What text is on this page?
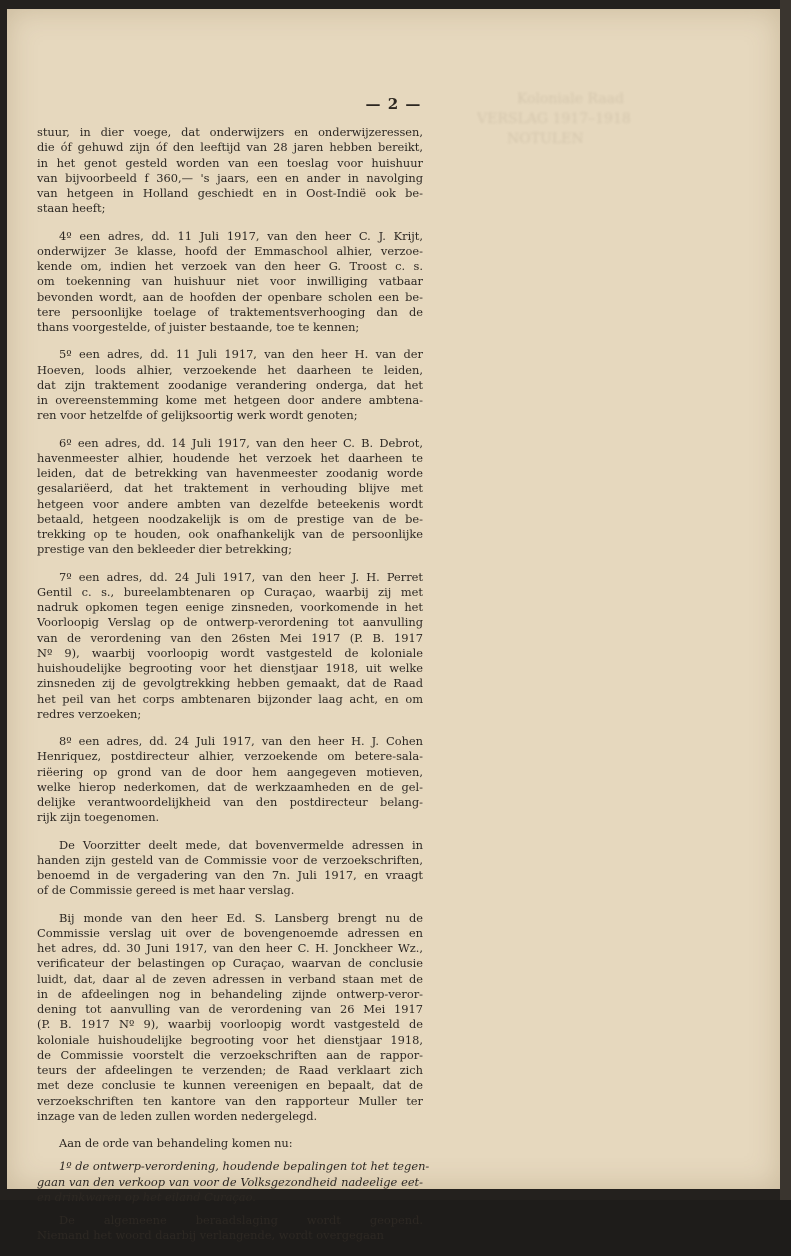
Koloniale Raad
VERSLAG 1917–1918
NOTULEN
— 2 —
stuur, in dier voege, dat onderwijzers en onderwijzeressen,
die óf gehuwd zijn óf den leeftijd van 28 jaren hebben bereikt,
in het genot gesteld worden van een toeslag voor huishuur
van bijvoorbeeld f 360,— 's jaars, een en ander in navolging
van hetgeen in Holland geschiedt en in Oost-Indië ook be-
staan heeft;
4º een adres, dd. 11 Juli 1917, van den heer C. J. Krijt,
onderwijzer 3e klasse, hoofd der Emmaschool alhier, verzoe-
kende om, indien het verzoek van den heer G. Troost c. s.
om toekenning van huishuur niet voor inwilliging vatbaar
bevonden wordt, aan de hoofden der openbare scholen een be-
tere persoonlijke toelage of traktementsverhooging dan de
thans voorgestelde, of juister bestaande, toe te kennen;
5º een adres, dd. 11 Juli 1917, van den heer H. van der
Hoeven, loods alhier, verzoekende het daarheen te leiden,
dat zijn traktement zoodanige verandering onderga, dat het
in overeenstemming kome met hetgeen door andere ambtena-
ren voor hetzelfde of gelijksoortig werk wordt genoten;
6º een adres, dd. 14 Juli 1917, van den heer C. B. Debrot,
havenmeester alhier, houdende het verzoek het daarheen te
leiden, dat de betrekking van havenmeester zoodanig worde
gesalariëerd, dat het traktement in verhouding blijve met
hetgeen voor andere ambten van dezelfde beteekenis wordt
betaald, hetgeen noodzakelijk is om de prestige van de be-
trekking op te houden, ook onafhankelijk van de persoonlijke
prestige van den bekleeder dier betrekking;
7º een adres, dd. 24 Juli 1917, van den heer J. H. Perret
Gentil c. s., bureelambtenaren op Curaçao, waarbij zij met
nadruk opkomen tegen eenige zinsneden, voorkomende in het
Voorloopig Verslag op de ontwerp-verordening tot aanvulling
van de verordening van den 26sten Mei 1917 (P. B. 1917
Nº 9), waarbij voorloopig wordt vastgesteld de koloniale
huishoudelijke begrooting voor het dienstjaar 1918, uit welke
zinsneden zij de gevolgtrekking hebben gemaakt, dat de Raad
het peil van het corps ambtenaren bijzonder laag acht, en om
redres verzoeken;
8º een adres, dd. 24 Juli 1917, van den heer H. J. Cohen
Henriquez, postdirecteur alhier, verzoekende om betere-sala-
riëering op grond van de door hem aangegeven motieven,
welke hierop nederkomen, dat de werkzaamheden en de gel-
delijke verantwoordelijkheid van den postdirecteur belang-
rijk zijn toegenomen.
De Voorzitter deelt mede, dat bovenvermelde adressen in
handen zijn gesteld van de Commissie voor de verzoekschriften,
benoemd in de vergadering van den 7n. Juli 1917, en vraagt
of de Commissie gereed is met haar verslag.
Bij monde van den heer Ed. S. Lansberg brengt nu de
Commissie verslag uit over de bovengenoemde adressen en
het adres, dd. 30 Juni 1917, van den heer C. H. Jonckheer Wz.,
verificateur der belastingen op Curaçao, waarvan de conclusie
luidt, dat, daar al de zeven adressen in verband staan met de
in de afdeelingen nog in behandeling zijnde ontwerp-veror-
dening tot aanvulling van de verordening van 26 Mei 1917
(P. B. 1917 Nº 9), waarbij voorloopig wordt vastgesteld de
koloniale huishoudelijke begrooting voor het dienstjaar 1918,
de Commissie voorstelt die verzoekschriften aan de rappor-
teurs der afdeelingen te verzenden; de Raad verklaart zich
met deze conclusie te kunnen vereenigen en bepaalt, dat de
verzoekschriften ten kantore van den rapporteur Muller ter
inzage van de leden zullen worden nedergelegd.
Aan de orde van behandeling komen nu:
1º de ontwerp-verordening, houdende bepalingen tot het tegen-
gaan van den verkoop van voor de Volksgezondheid nadeelige eet-
en drinkwaren op het eiland Curaçao.
De algemeene beraadslaging wordt geopend.
Niemand het woord daarbij verlangende, wordt overgegaan
